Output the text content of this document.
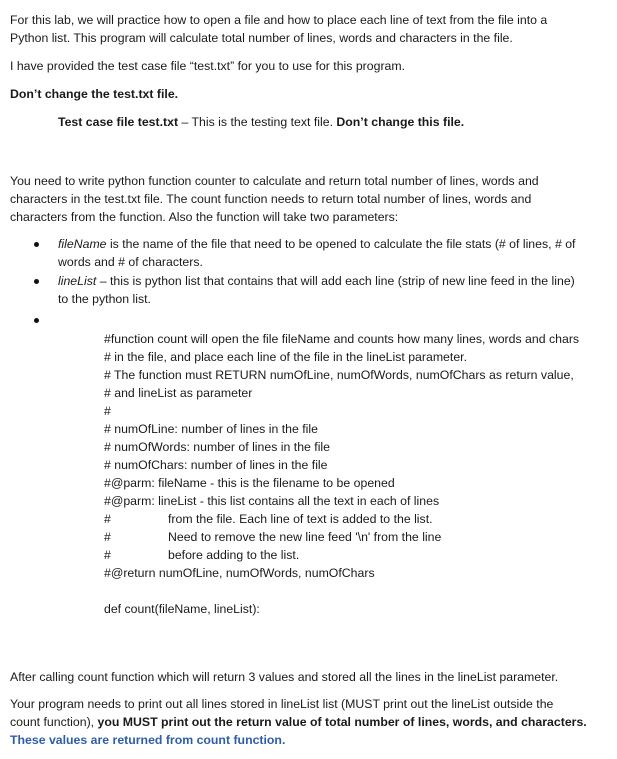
For this lab, we will practice how to open a file and how to place each line of text from the file into a
Python list. This program will calculate total number of lines, words and characters in the file.
I have provided the test case file “test.txt” for you to use for this program.
Don’t change the test.txt file.
Test case file test.txt – This is the testing text file. Don’t change this file.
You need to write python function counter to calculate and return total number of lines, words and
characters in the test.txt file. The count function needs to return total number of lines, words and
characters from the function. Also the function will take two parameters:
fileName is the name of the file that need to be opened to calculate the file stats (# of lines, # of
words and # of characters.
lineList – this is python list that contains that will add each line (strip of new line feed in the line)
to the python list.
#function count will open the file fileName and counts how many lines, words and chars
# in the file, and place each line of the file in the lineList parameter.
# The function must RETURN numOfLine, numOfWords, numOfChars as return value,
# and lineList as parameter
#
# numOfLine: number of lines in the file
# numOfWords: number of lines in the file
# numOfChars: number of lines in the file
#@parm: fileName - this is the filename to be opened
#@parm: lineList - this list contains all the text in each of lines
#	from the file. Each line of text is added to the list.
#	Need to remove the new line feed '\n' from the line
#	before adding to the list.
#@return numOfLine, numOfWords, numOfChars
def count(fileName, lineList):
After calling count function which will return 3 values and stored all the lines in the lineList parameter.
Your program needs to print out all lines stored in lineList list (MUST print out the lineList outside the
count function), you MUST print out the return value of total number of lines, words, and characters.
These values are returned from count function.
